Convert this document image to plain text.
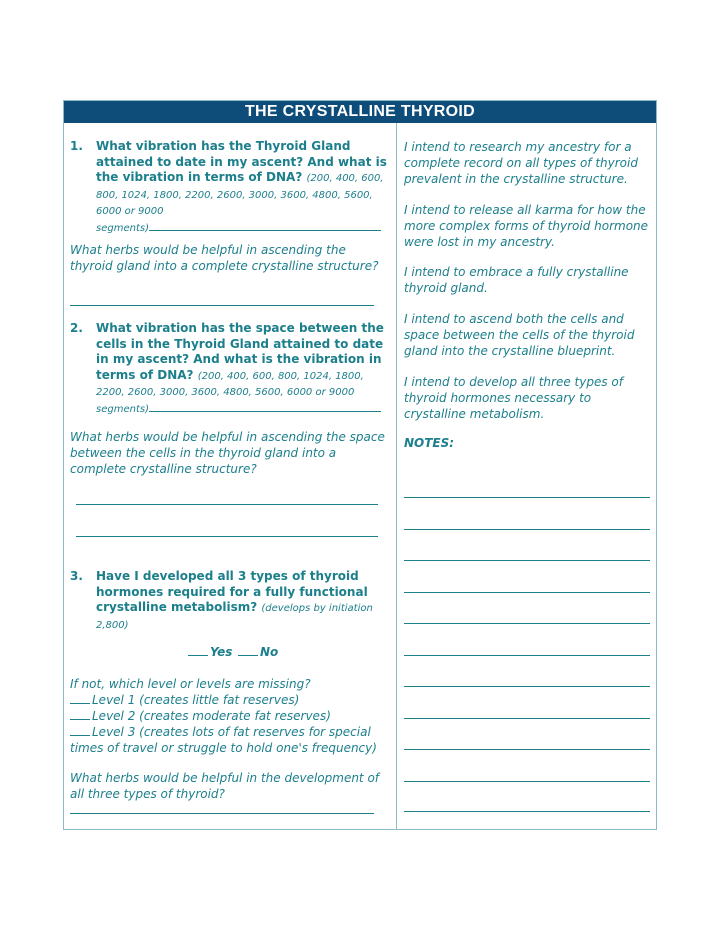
THE CRYSTALLINE THYROID
1. What vibration has the Thyroid Gland attained to date in my ascent? And what is the vibration in terms of DNA? (200, 400, 600, 800, 1024, 1800, 2200, 2600, 3000, 3600, 4800, 5600, 6000 or 9000
segments)
What herbs would be helpful in ascending the thyroid gland into a complete crystalline structure?
2. What vibration has the space between the cells in the Thyroid Gland attained to date in my ascent? And what is the vibration in terms of DNA? (200, 400, 600, 800, 1024, 1800, 2200, 2600, 3000, 3600, 4800, 5600, 6000 or 9000
segments)
What herbs would be helpful in ascending the space between the cells in the thyroid gland into a complete crystalline structure?
3. Have I developed all 3 types of thyroid hormones required for a fully functional crystalline metabolism? (develops by initiation 2,800)
Yes	No
If not, which level or levels are missing?
Level 1 (creates little fat reserves)
Level 2 (creates moderate fat reserves)
Level 3 (creates lots of fat reserves for special times of travel or struggle to hold one's frequency)
What herbs would be helpful in the development of all three types of thyroid?
I intend to research my ancestry for a complete record on all types of thyroid prevalent in the crystalline structure.
I intend to release all karma for how the more complex forms of thyroid hormone were lost in my ancestry.
I intend to embrace a fully crystalline thyroid gland.
I intend to ascend both the cells and space between the cells of the thyroid gland into the crystalline blueprint.
I intend to develop all three types of thyroid hormones necessary to crystalline metabolism.
NOTES:
